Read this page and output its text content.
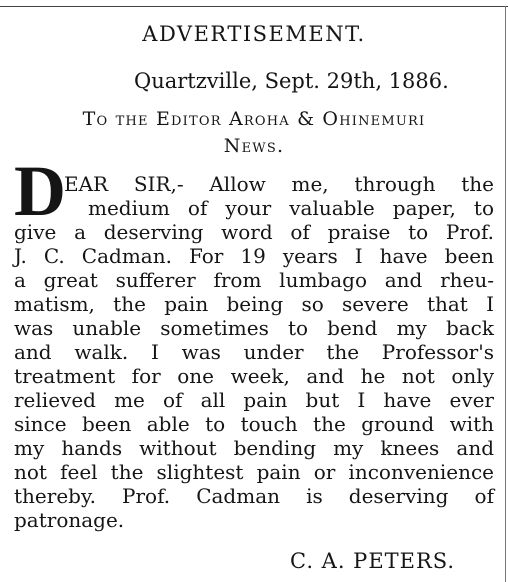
ADVERTISEMENT.
Quartzville, Sept. 29th, 1886.
To the Editor Aroha & Ohinemuri
News.
D
EAR SIR,- Allow me, through the
medium of your valuable paper, to
give a deserving word of praise to Prof.
J. C. Cadman. For 19 years I have been
a great sufferer from lumbago and rheu-
matism, the pain being so severe that I
was unable sometimes to bend my back
and walk. I was under the Professor's
treatment for one week, and he not only
relieved me of all pain but I have ever
since been able to touch the ground with
my hands without bending my knees and
not feel the slightest pain or inconvenience
thereby. Prof. Cadman is deserving of
patronage.
C. A. PETERS.
